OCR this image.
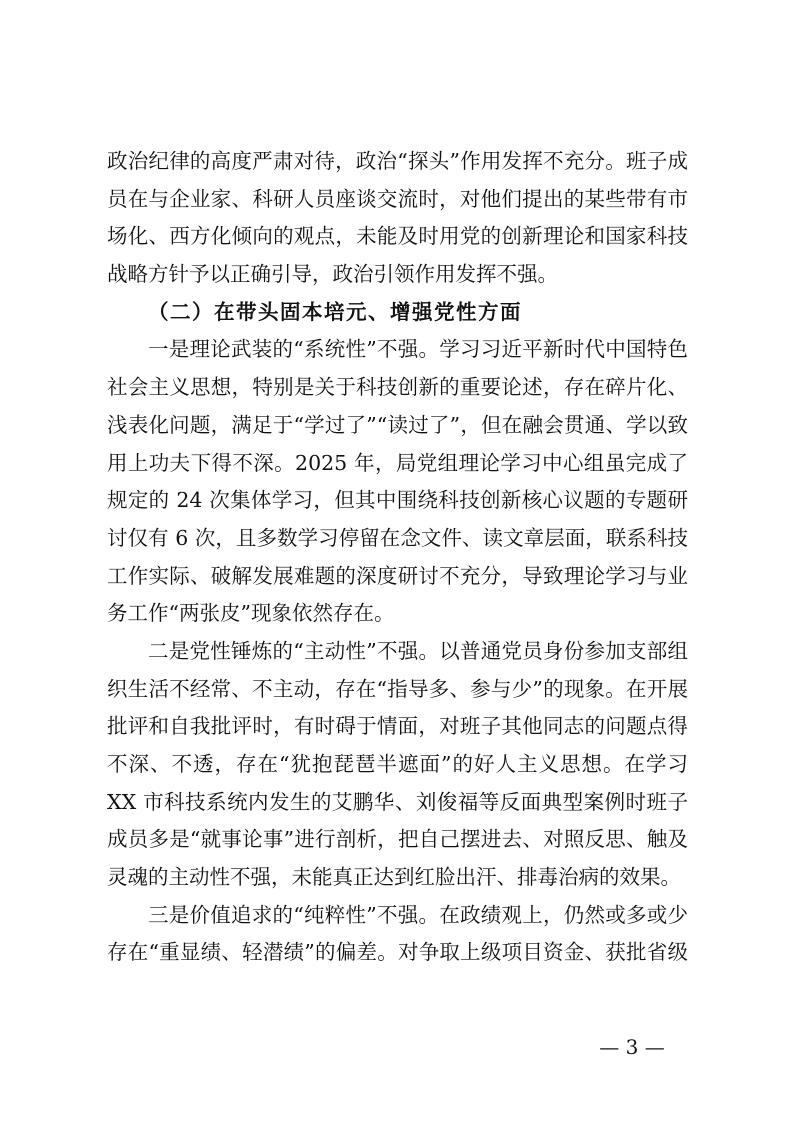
政治纪律的高度严肃对待，政治“探头”作用发挥不充分。班子成
员在与企业家、科研人员座谈交流时，对他们提出的某些带有市
场化、西方化倾向的观点，未能及时用党的创新理论和国家科技
战略方针予以正确引导，政治引领作用发挥不强。
（二）在带头固本培元、增强党性方面
一是理论武装的“系统性”不强。学习习近平新时代中国特色
社会主义思想，特别是关于科技创新的重要论述，存在碎片化、
浅表化问题，满足于“学过了”“读过了”，但在融会贯通、学以致
用上功夫下得不深。2025 年，局党组理论学习中心组虽完成了
规定的 24 次集体学习，但其中围绕科技创新核心议题的专题研
讨仅有 6 次，且多数学习停留在念文件、读文章层面，联系科技
工作实际、破解发展难题的深度研讨不充分，导致理论学习与业
务工作“两张皮”现象依然存在。
二是党性锤炼的“主动性”不强。以普通党员身份参加支部组
织生活不经常、不主动，存在“指导多、参与少”的现象。在开展
批评和自我批评时，有时碍于情面，对班子其他同志的问题点得
不深、不透，存在“犹抱琵琶半遮面”的好人主义思想。在学习
XX 市科技系统内发生的艾鹏华、刘俊福等反面典型案例时班子
成员多是“就事论事”进行剖析，把自己摆进去、对照反思、触及
灵魂的主动性不强，未能真正达到红脸出汗、排毒治病的效果。
三是价值追求的“纯粹性”不强。在政绩观上，仍然或多或少
存在“重显绩、轻潜绩”的偏差。对争取上级项目资金、获批省级
— 3 —
